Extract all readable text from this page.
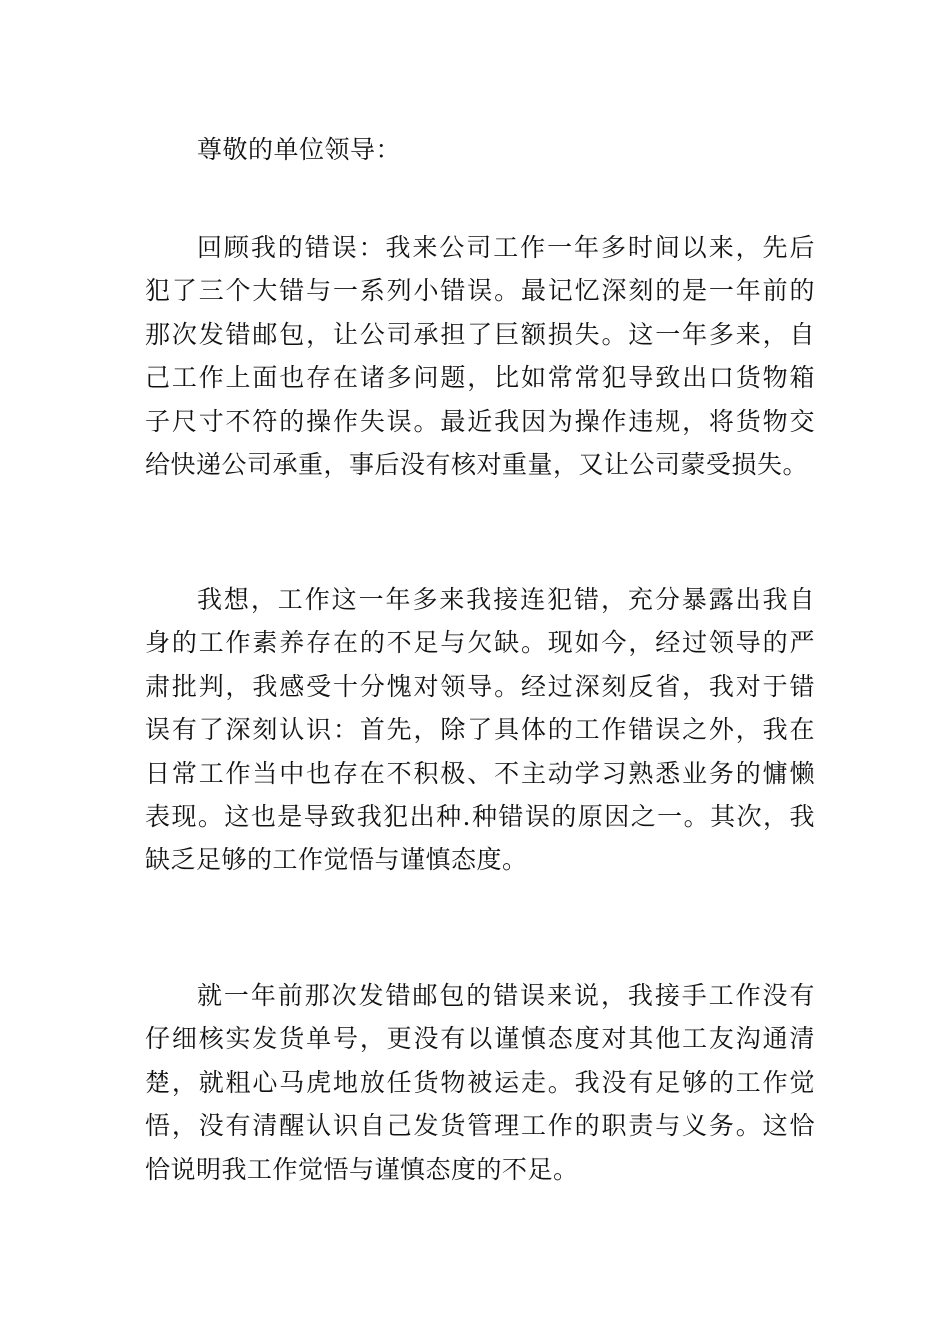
尊敬的单位领导：
回顾我的错误：我来公司工作一年多时间以来，先后
犯了三个大错与一系列小错误。最记忆深刻的是一年前的
那次发错邮包，让公司承担了巨额损失。这一年多来，自
己工作上面也存在诸多问题，比如常常犯导致出口货物箱
子尺寸不符的操作失误。最近我因为操作违规，将货物交
给快递公司承重，事后没有核对重量，又让公司蒙受损失。
我想，工作这一年多来我接连犯错，充分暴露出我自
身的工作素养存在的不足与欠缺。现如今，经过领导的严
肃批判，我感受十分愧对领导。经过深刻反省，我对于错
误有了深刻认识：首先，除了具体的工作错误之外，我在
日常工作当中也存在不积极、不主动学习熟悉业务的慵懒
表现。这也是导致我犯出种.种错误的原因之一。其次，我
缺乏足够的工作觉悟与谨慎态度。
就一年前那次发错邮包的错误来说，我接手工作没有
仔细核实发货单号，更没有以谨慎态度对其他工友沟通清
楚，就粗心马虎地放任货物被运走。我没有足够的工作觉
悟，没有清醒认识自己发货管理工作的职责与义务。这恰
恰说明我工作觉悟与谨慎态度的不足。
